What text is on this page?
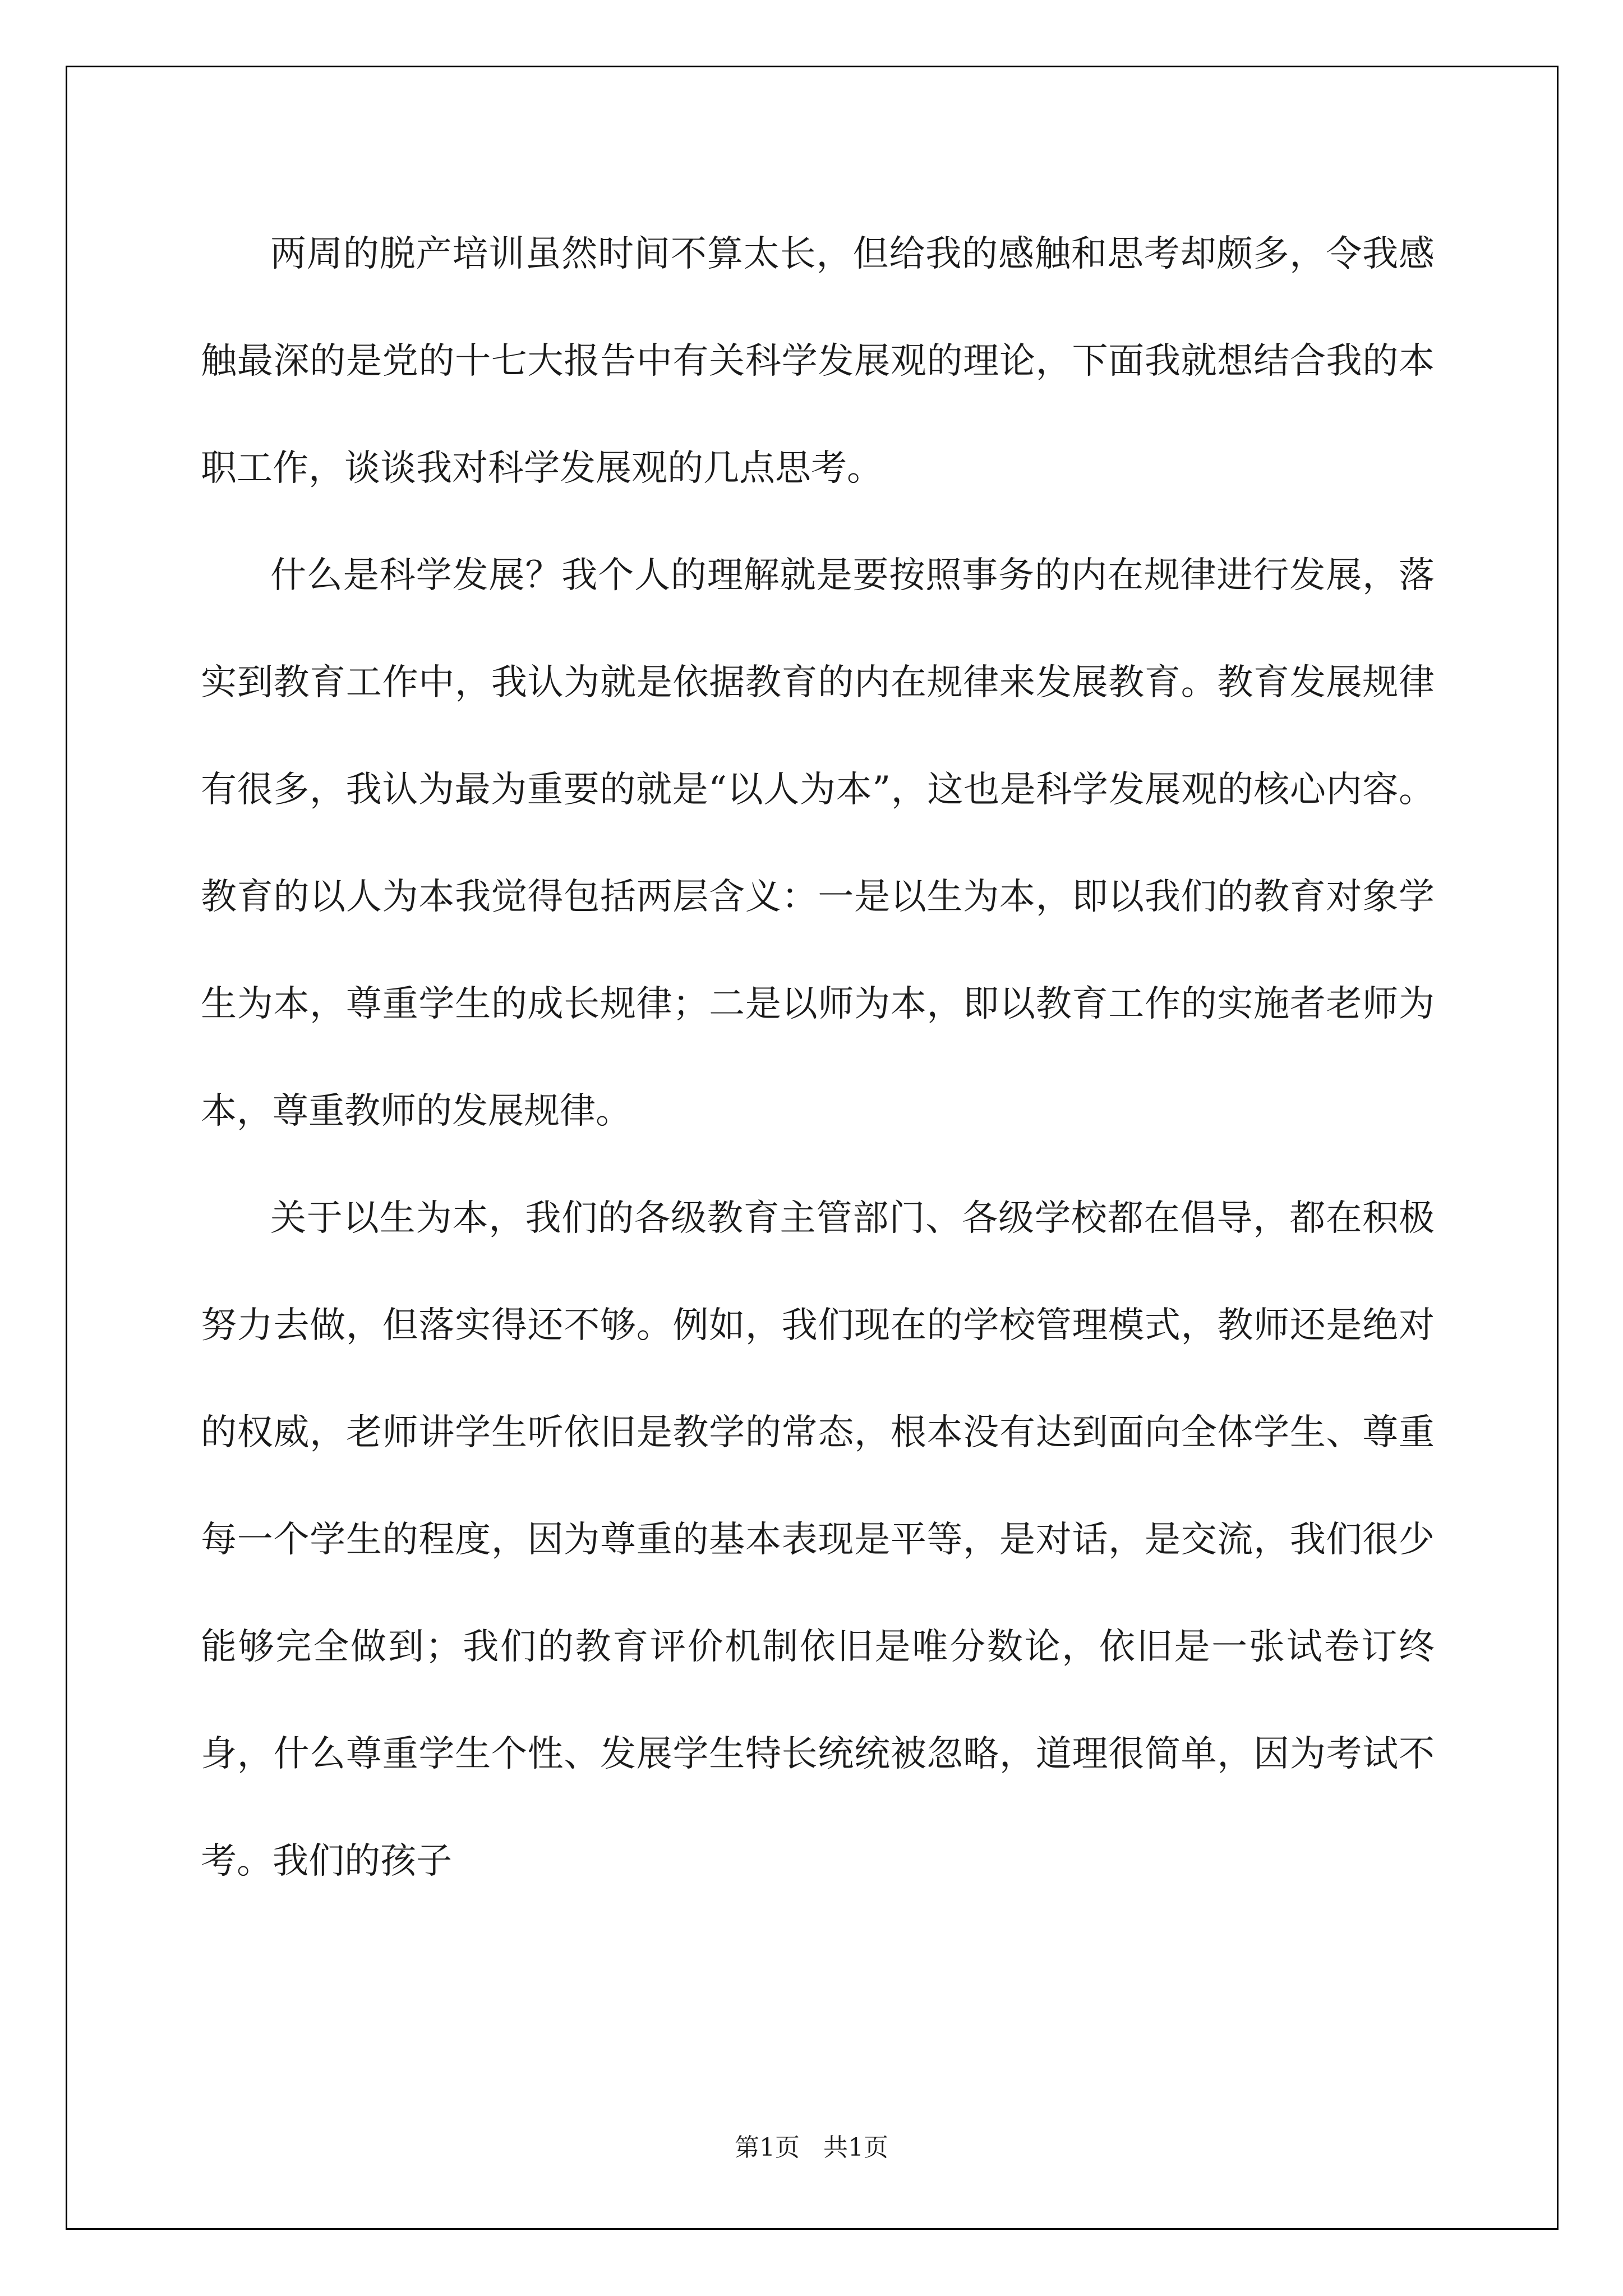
两周的脱产培训虽然时间不算太长，但给我的感触和思考却颇多，令我感触最深的是党的十七大报告中有关科学发展观的理论，下面我就想结合我的本职工作，谈谈我对科学发展观的几点思考。

什么是科学发展？我个人的理解就是要按照事务的内在规律进行发展，落实到教育工作中，我认为就是依据教育的内在规律来发展教育。教育发展规律有很多，我认为最为重要的就是“以人为本”，这也是科学发展观的核心内容。教育的以人为本我觉得包括两层含义：一是以生为本，即以我们的教育对象学生为本，尊重学生的成长规律；二是以师为本，即以教育工作的实施者老师为本，尊重教师的发展规律。

关于以生为本，我们的各级教育主管部门、各级学校都在倡导，都在积极努力去做，但落实得还不够。例如，我们现在的学校管理模式，教师还是绝对的权威，老师讲学生听依旧是教学的常态，根本没有达到面向全体学生、尊重每一个学生的程度，因为尊重的基本表现是平等，是对话，是交流，我们很少能够完全做到；我们的教育评价机制依旧是唯分数论，依旧是一张试卷订终身，什么尊重学生个性、发展学生特长统统被忽略，道理很简单，因为考试不考。我们的孩子

第1页   共1页
